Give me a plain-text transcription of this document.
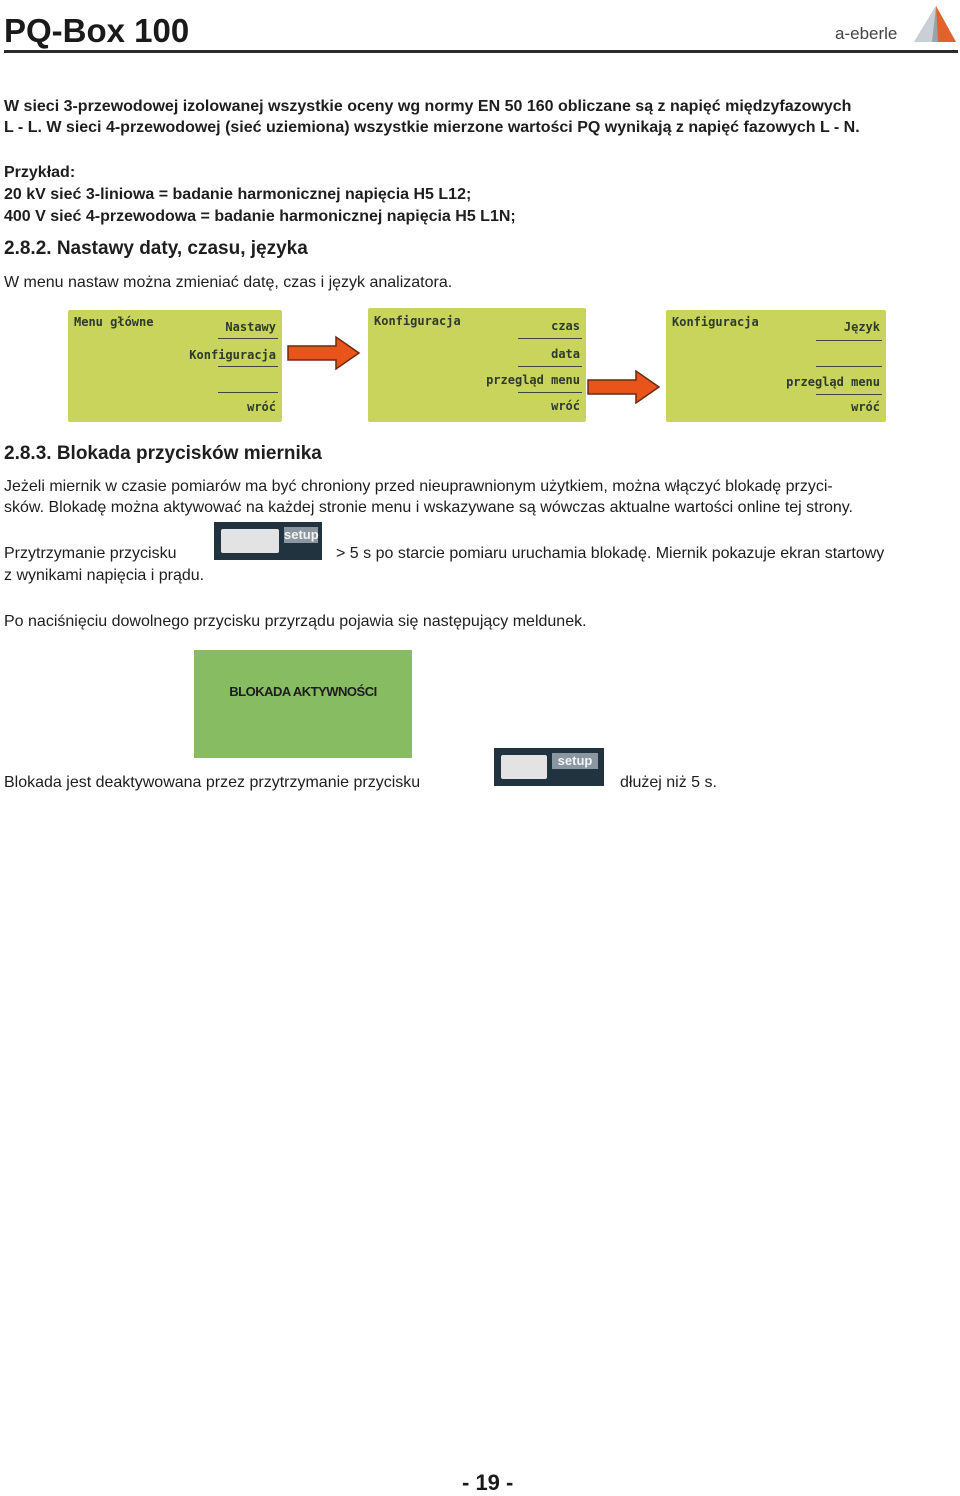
PQ-Box 100	a-eberle
W sieci 3-przewodowej izolowanej wszystkie oceny wg normy EN 50 160 obliczane są z napięć międzyfazowych
L - L. W sieci 4-przewodowej (sieć uziemiona) wszystkie mierzone wartości PQ wynikają z napięć fazowych L - N.
Przykład:
20 kV sieć 3-liniowa = badanie harmonicznej napięcia H5 L12;
400 V sieć 4-przewodowa = badanie harmonicznej napięcia H5 L1N;
2.8.2. Nastawy daty, czasu, języka
W menu nastaw można zmieniać datę, czas i język analizatora.
Menu główne	Nastawy
Konfiguracja
wróć
Konfiguracja	czas
data
przegląd menu
wróć
Konfiguracja	Język
przegląd menu
wróć
2.8.3. Blokada przycisków miernika
Jeżeli miernik w czasie pomiarów ma być chroniony przed nieuprawnionym użytkiem, można włączyć blokadę przyci-
sków. Blokadę można aktywować na każdej stronie menu i wskazywane są wówczas aktualne wartości online tej strony.
Przytrzymanie przycisku
setup
> 5 s po starcie pomiaru uruchamia blokadę. Miernik pokazuje ekran startowy
z wynikami napięcia i prądu.
Po naciśnięciu dowolnego przycisku przyrządu pojawia się następujący meldunek.
BLOKADA AKTYWNOŚCI
Blokada jest deaktywowana przez przytrzymanie przycisku
setup
dłużej niż 5 s.
- 19 -
